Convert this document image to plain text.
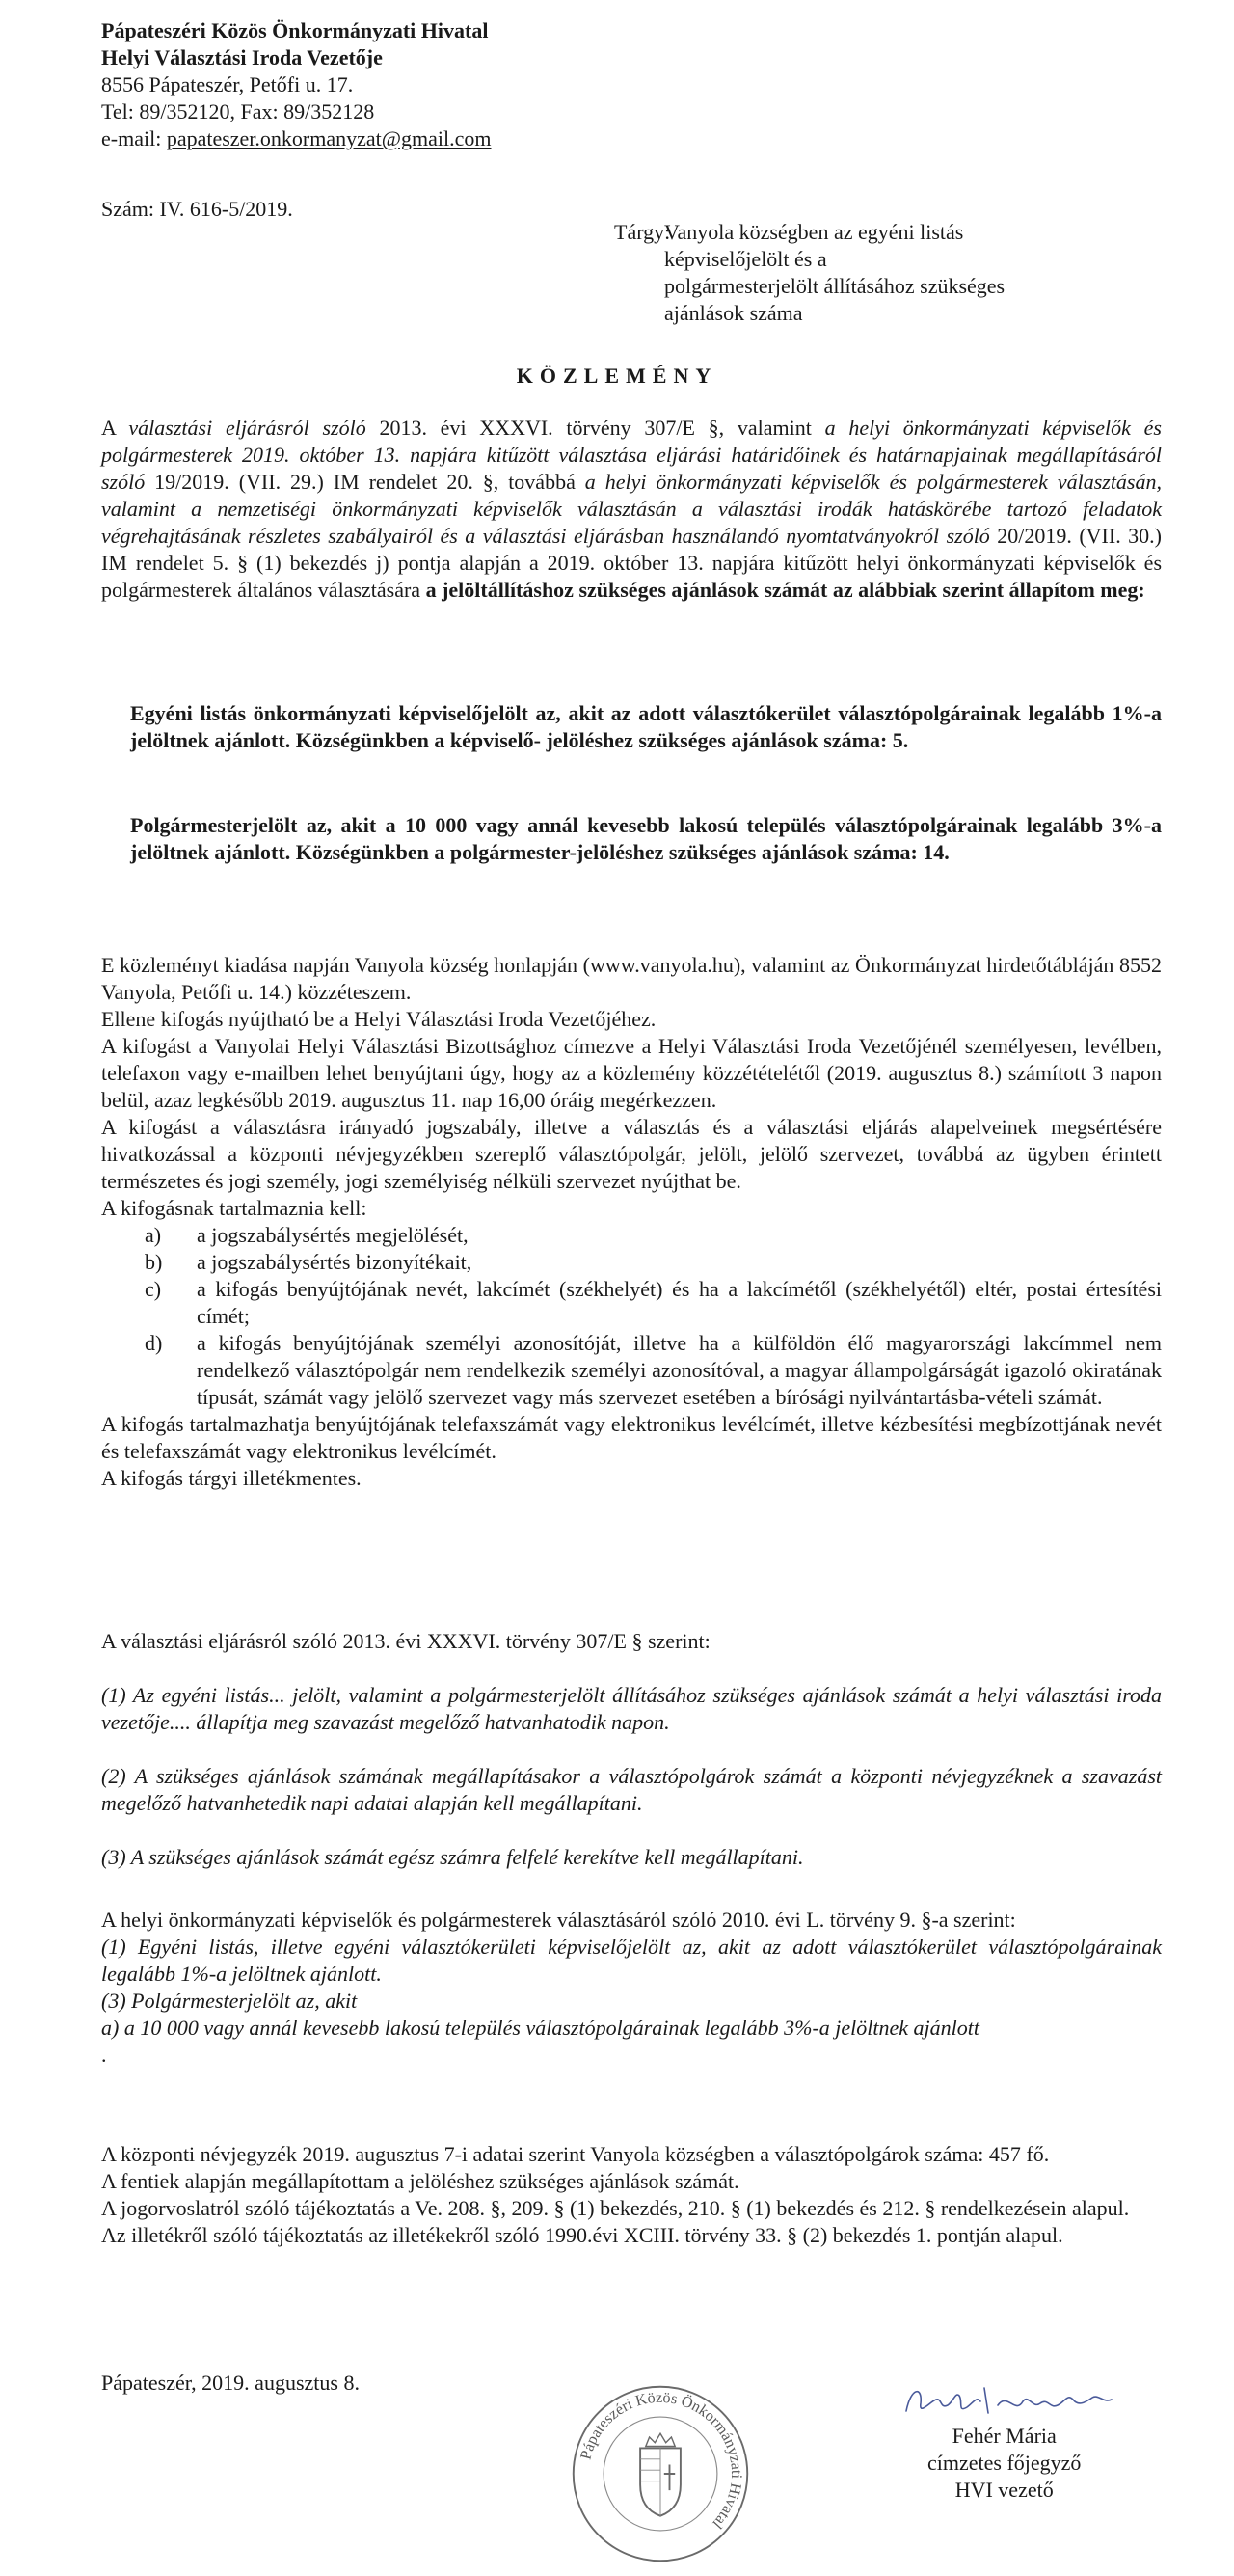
Pápateszéri Közös Önkormányzati Hivatal

Helyi Választási Iroda Vezetője

8556 Pápateszér, Petőfi u. 17.

Tel: 89/352120, Fax: 89/352128

e-mail: papateszer.onkormanyzat@gmail.com

Szám: IV. 616-5/2019.

Tárgy:Vanyola községben az egyéni listás

képviselőjelölt és a

polgármesterjelölt állításához szükséges

ajánlások száma

KÖZLEMÉNY
A választási eljárásról szóló 2013. évi XXXVI. törvény 307/E §, valamint a helyi önkormányzati képviselők és polgármesterek 2019. október 13. napjára kitűzött választása eljárási határidőinek és határnapjainak megállapításáról szóló 19/2019. (VII. 29.) IM rendelet 20. §, továbbá a helyi önkormányzati képviselők és polgármesterek választásán, valamint a nemzetiségi önkormányzati képviselők választásán a választási irodák hatáskörébe tartozó feladatok végrehajtásának részletes szabályairól és a választási eljárásban használandó nyomtatványokról szóló 20/2019. (VII. 30.) IM rendelet 5. § (1) bekezdés j) pontja alapján a 2019. október 13. napjára kitűzött helyi önkormányzati képviselők és polgármesterek általános választására a jelöltállításhoz szükséges ajánlások számát az alábbiak szerint állapítom meg:
Egyéni listás önkormányzati képviselőjelölt az, akit az adott választókerület választópolgárainak legalább 1%-a jelöltnek ajánlott. Községünkben a képviselő- jelöléshez szükséges ajánlások száma: 5.
Polgármesterjelölt az, akit a 10 000 vagy annál kevesebb lakosú település választópolgárainak legalább 3%-a jelöltnek ajánlott. Községünkben a polgármester-jelöléshez szükséges ajánlások száma: 14.

E közleményt kiadása napján Vanyola község honlapján (www.vanyola.hu), valamint az Önkormányzat hirdetőtábláján 8552 Vanyola, Petőfi u. 14.) közzéteszem.

Ellene kifogás nyújtható be a Helyi Választási Iroda Vezetőjéhez.

A kifogást a Vanyolai Helyi Választási Bizottsághoz címezve a Helyi Választási Iroda Vezetőjénél személyesen, levélben, telefaxon vagy e-mailben lehet benyújtani úgy, hogy az a közlemény közzétételétől (2019. augusztus 8.) számított 3 napon belül, azaz legkésőbb 2019. augusztus 11. nap 16,00 óráig megérkezzen.

A kifogást a választásra irányadó jogszabály, illetve a választás és a választási eljárás alapelveinek megsértésére hivatkozással a központi névjegyzékben szereplő választópolgár, jelölt, jelölő szervezet, továbbá az ügyben érintett természetes és jogi személy, jogi személyiség nélküli szervezet nyújthat be.

A kifogásnak tartalmaznia kell:

a) a jogszabálysértés megjelölését,
b) a jogszabálysértés bizonyítékait,
c) a kifogás benyújtójának nevét, lakcímét (székhelyét) és ha a lakcímétől (székhelyétől) eltér, postai értesítési címét;
d) a kifogás benyújtójának személyi azonosítóját, illetve ha a külföldön élő magyarországi lakcímmel nem rendelkező választópolgár nem rendelkezik személyi azonosítóval, a magyar állampolgárságát igazoló okiratának típusát, számát vagy jelölő szervezet vagy más szervezet esetében a bírósági nyilvántartásba-vételi számát.

A kifogás tartalmazhatja benyújtójának telefaxszámát vagy elektronikus levélcímét, illetve kézbesítési megbízottjának nevét és telefaxszámát vagy elektronikus levélcímét.

A kifogás tárgyi illetékmentes.

A választási eljárásról szóló 2013. évi XXXVI. törvény 307/E § szerint:

(1) Az egyéni listás... jelölt, valamint a polgármesterjelölt állításához szükséges ajánlások számát a helyi választási iroda vezetője.... állapítja meg szavazást megelőző hatvanhatodik napon.

(2) A szükséges ajánlások számának megállapításakor a választópolgárok számát a központi névjegyzéknek a szavazást megelőző hatvanhetedik napi adatai alapján kell megállapítani.

(3) A szükséges ajánlások számát egész számra felfelé kerekítve kell megállapítani.

A helyi önkormányzati képviselők és polgármesterek választásáról szóló 2010. évi L. törvény 9. §-a szerint:

(1) Egyéni listás, illetve egyéni választókerületi képviselőjelölt az, akit az adott választókerület választópolgárainak legalább 1%-a jelöltnek ajánlott.

(3) Polgármesterjelölt az, akit

a) a 10 000 vagy annál kevesebb lakosú település választópolgárainak legalább 3%-a jelöltnek ajánlott

.

A központi névjegyzék 2019. augusztus 7-i adatai szerint Vanyola községben a választópolgárok száma: 457 fő.

A fentiek alapján megállapítottam a jelöléshez szükséges ajánlások számát.

A jogorvoslatról szóló tájékoztatás a Ve. 208. §, 209. § (1) bekezdés, 210. § (1) bekezdés és 212. § rendelkezésein alapul.

Az illetékről szóló tájékoztatás az illetékekről szóló 1990.évi XCIII. törvény 33. § (2) bekezdés 1. pontján alapul.

Pápateszér, 2019. augusztus 8.
Pápateszéri Közös Önkormányzati Hivatal

Fehér Mária

címzetes főjegyző

HVI vezető
